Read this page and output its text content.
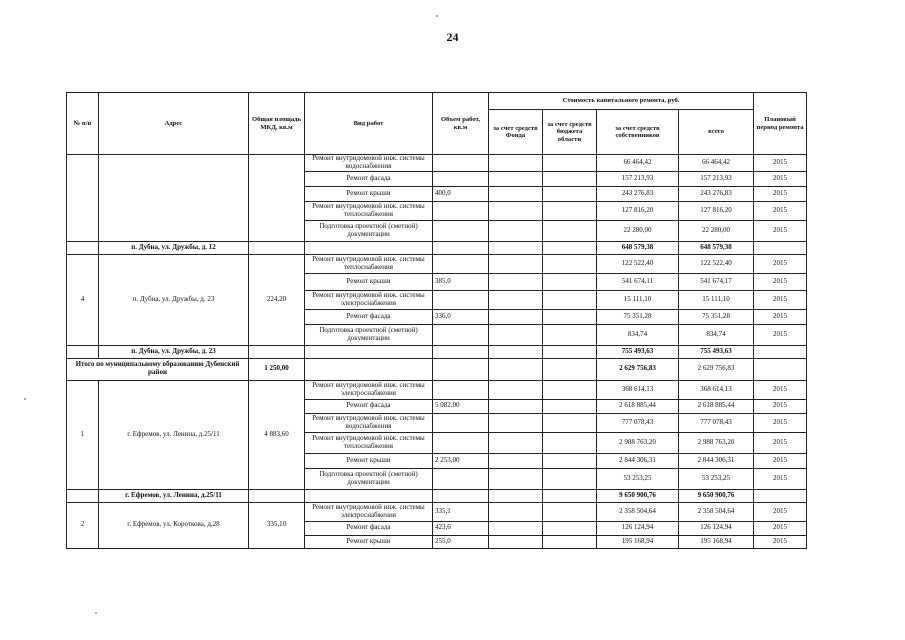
24
№ п/п	Адрес	Общая площадь МКД, кв.м	Вид работ	Объем работ, кв.м	Стоимость капитального ремонта, руб.				Плановый период ремонта
					за счет средств Фонда	за счет средств бюджета области	за счет средств собственников	всего	
			Ремонт внутридомовой инж. системы водоснабжения				66 464,42	66 464,42	2015
			Ремонт фасада				157 213,93	157 213,93	2015
			Ремонт крыши	400,0			243 276,83	243 276,83	2015
			Ремонт внутридомовой инж. системы теплоснабжения				127 816,20	127 816,20	2015
			Подготовка проектной (сметной) документации				22 280,00	22 280,00	2015
	п. Дубна, ул. Дружбы, д. 12						648 579,38	648 579,38	
4	п. Дубна, ул. Дружбы, д. 23	224,20	Ремонт внутридомовой инж. системы теплоснабжения				122 522,40	122 522,40	2015
			Ремонт крыши	385,0			541 674,11	541 674,17	2015
			Ремонт внутридомовой инж. системы электроснабжения				15 111,10	15 111,10	2015
			Ремонт фасада	336,0			75 351,28	75 351,28	2015
			Подготовка проектной (сметной) документации				834,74	834,74	2015
	п. Дубна, ул. Дружбы, д. 23						755 493,63	755 493,63	
Итого по муниципальному образованию Дубенский район		1 250,00					2 629 756,83	2 629 756,83	
1	г. Ефремов, ул. Ленина, д.25/11	4 883,60	Ремонт внутридомовой инж. системы электроснабжения				368 614,13	368 614,13	2015
			Ремонт фасада	5 082,00			2 618 885,44	2 618 885,44	2015
			Ремонт внутридомовой инж. системы водоснабжения				777 078,43	777 078,43	2015
			Ремонт внутридомовой инж. системы теплоснабжения				2 988 763,20	2 988 763,20	2015
			Ремонт крыши	2 253,00			2 844 306,31	2 844 306,31	2015
			Подготовка проектной (сметной) документации				53 253,25	53 253,25	2015
	г. Ефремов, ул. Ленина, д.25/11						9 650 900,76	9 650 900,76	
2	г. Ефремов, ул. Короткова, д.28	335,10	Ремонт внутридомовой инж. системы электроснабжения	335,1			2 358 504,64	2 358 504,64	2015
			Ремонт фасада	423,6			126 124,94	126 124,94	2015
			Ремонт крыши	255,0			195 168,94	195 168,94	2015
